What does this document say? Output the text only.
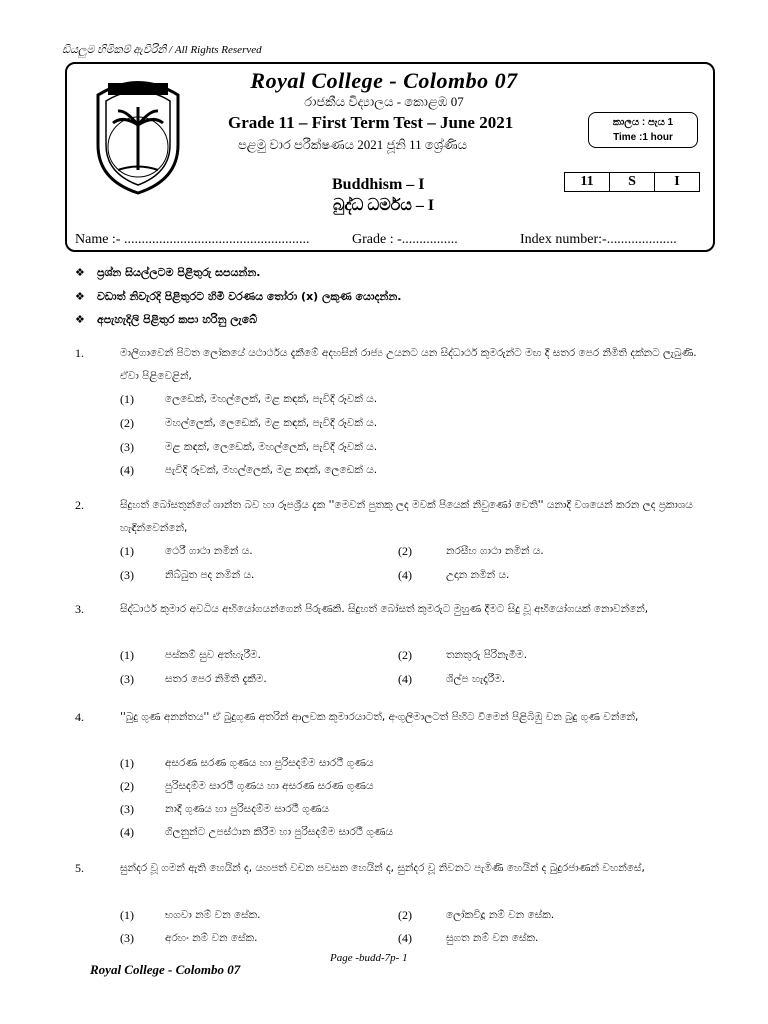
ඩියලුම හිමිකම් ඇවිරිනි / All Rights Reserved
Royal College - Colombo 07
රාජකීය විද්‍යාලය - කොළඹ 07
Grade 11 – First Term Test – June 2021
පළමු වාර පරීක්ෂණය 2021 ජූනි 11 ශ්‍රේණිය
කාලය : පැය 1
Time :1 hour
Buddhism – I
බුද්ධ ධර්මය – I
11	S	I
Name :- .....................................................	Grade : -................	Index number:-....................
❖ ප්‍රශ්න සියල්ලටම පිළිතුරු සපයන්න.
❖ වඩාත් නිවැරදි පිළිතුරට හිමි වරණය තෝරා (x) ලකුණ යොදන්න.
❖ අපැහැදිලි පිළිතුර කපා හරිනු ලැබේ
1.	මාලිගාවෙන් පිටත ලෝකයේ යථාර්ථය දැකීමේ අදහසින් රාජ්‍ය උයනට යන සිද්ධාර්ථ කුමරුන්ට මඟ දී සතර පෙර නිමිති දක්නට ලැබුණි. ඒවා පිළිවෙළින්,
(1)	ලෙඩෙක්, මහල්ලෙක්, මළ කඳක්, පැවිදි රූවක් ය.
(2)	මහල්ලෙක්, ලෙඩෙක්, මළ කඳක්, පැවිදි රූවක් ය.
(3)	මළ කඳක්, ලෙඩෙක්, මහල්ලෙක්, පැවිදි රූවක් ය.
(4)	පැවිදි රූවක්, මහල්ලෙක්, මළ කඳක්, ලෙඩෙක් ය.
2.	සිදුහත් බෝසතුන්ගේ ශාන්ත බව හා රූපශ්‍රීය දැක ''මෙවන් පුතකු ලද මවක් පියෙක් නිවුණෝ වෙති'' යනාදි වශයෙන් කරන ලද ප්‍රකාශය හැඳින්වෙන්නේ,
(1)	ථෙරී ගාථා නමින් ය.	(2)	නරසීහ ගාථා නමින් ය.
(3)	නිබ්බුත පද නමින් ය.	(4)	උදාන නමින් ය.
3.	සිද්ධාර්ථ කුමාර අවධිය අභියෝගයන්ගෙන් පිරුණකි. සිදුහත් බෝසත් කුමරුට මුහුණ දීමට සිදු වූ අභියෝගයක් නොවන්නේ,
(1)	පස්කම් සුව අත්හැරීම.	(2)	තනතුරු පිරිනැමීම.
(3)	සතර පෙර නිමිති දැකීම.	(4)	ශිල්ප හැදෑරීම.
4.	''බුදු ගුණ අනන්තය'' ඒ බුදුගුණ අතරින් ආලවක කුමාරයාටත්, අංගුලිමාලටත් පිහිට වීමෙන් පිළිබිඹු වන බුදු ගුණ වන්නේ,
(1)	අසරණ සරණ ගුණය හා පුරිසදම්ම සාරථී ගුණය
(2)	පුරිසදම්ම සාරථී ගුණය හා අසරණ සරණ ගුණය
(3)	නාදී ගුණය හා පුරිසදම්ම සාරථී ගුණය
(4)	ගිලනුන්ට උපස්ථාන කිරීම හා පුරිසදම්ම සාරථී ගුණය
5.	සුන්දර වූ ගමන් ඇති හෙයින් ද, යහපත් වචන පවසන හෙයින් ද, සුන්දර වූ නිවනට පැමිණි හෙයින් ද බුදුරජාණන් වහන්සේ,
(1)	භගවා නම් වන සේක.	(2)	ලෝකවිදූ නම් වන සේක.
(3)	අරහං නම් වන සේක.	(4)	සුගත නම් වන සේක.
Page -budd-7p- 1
Royal College - Colombo 07
